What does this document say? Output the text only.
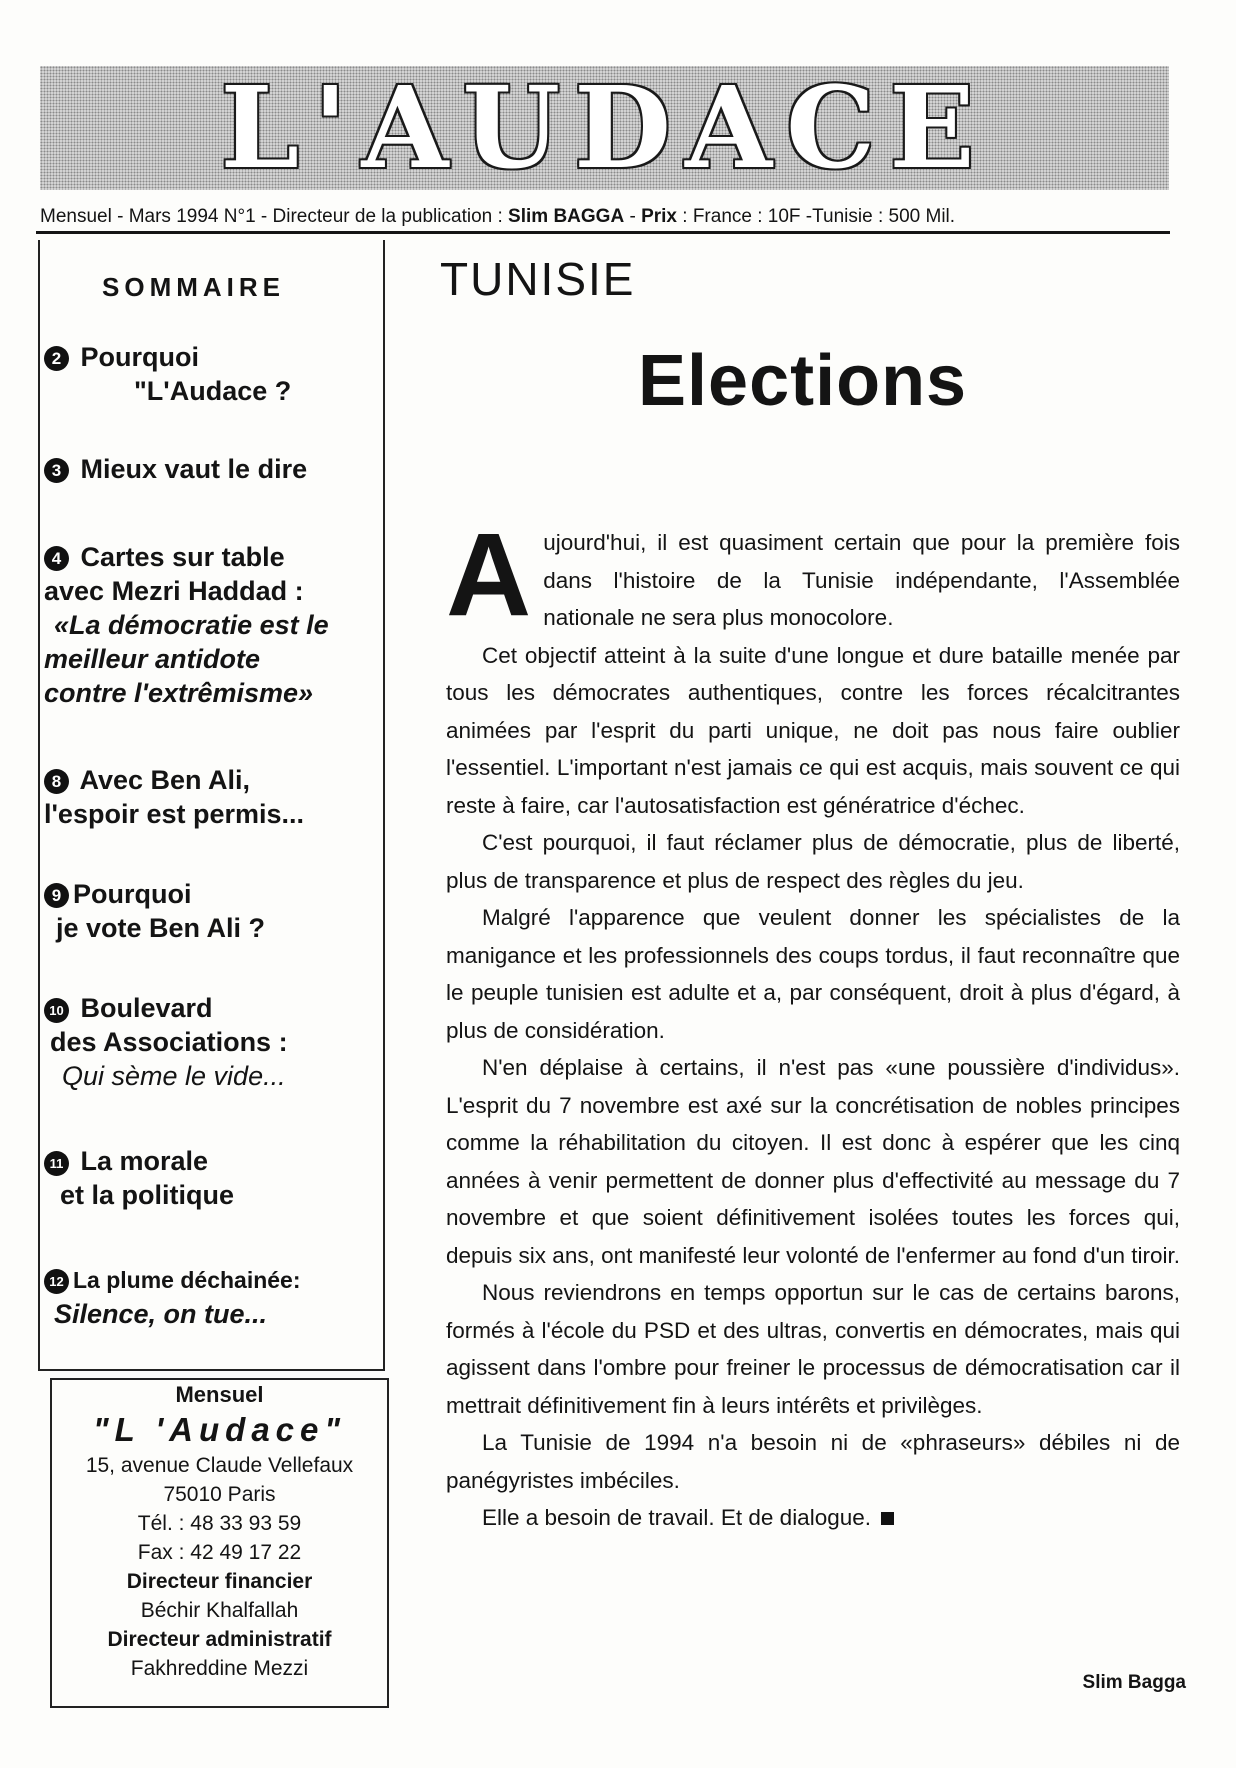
L'AUDACE
Mensuel - Mars 1994 N°1 - Directeur de la publication : Slim BAGGA - Prix : France : 10F -Tunisie : 500 Mil.
SOMMAIRE
2 Pourquoi
"L'Audace ?
3 Mieux vaut le dire
4 Cartes sur table
avec Mezri Haddad :
«La démocratie est le
meilleur antidote
contre l'extrêmisme»
8 Avec Ben Ali,
l'espoir est permis...
9 Pourquoi
je vote Ben Ali ?
10 Boulevard
des Associations :
Qui sème le vide...
11 La morale
et la politique
12 La plume déchainée:
Silence, on tue...
Mensuel
"L 'Audace"
15, avenue Claude Vellefaux
75010 Paris
Tél. : 48 33 93 59
Fax : 42 49 17 22
Directeur financier
Béchir Khalfallah
Directeur administratif
Fakhreddine Mezzi
TUNISIE
Elections

Aujourd'hui, il est quasiment certain que pour la première fois dans l'histoire de la Tunisie indépendante, l'Assemblée nationale ne sera plus monocolore.

Cet objectif atteint à la suite d'une longue et dure bataille menée par tous les démocrates authentiques, contre les forces récalcitrantes animées par l'esprit du parti unique, ne doit pas nous faire oublier l'essentiel. L'important n'est jamais ce qui est acquis, mais souvent ce qui reste à faire, car l'autosatisfaction est génératrice d'échec.

C'est pourquoi, il faut réclamer plus de démocratie, plus de liberté, plus de transparence et plus de respect des règles du jeu.

Malgré l'apparence que veulent donner les spécialistes de la manigance et les professionnels des coups tordus, il faut reconnaître que le peuple tunisien est adulte et a, par conséquent, droit à plus d'égard, à plus de considération.

N'en déplaise à certains, il n'est pas «une poussière d'individus». L'esprit du 7 novembre est axé sur la concrétisation de nobles principes comme la réhabilitation du citoyen. Il est donc à espérer que les cinq années à venir permettent de donner plus d'effectivité au message du 7 novembre et que soient définitivement isolées toutes les forces qui, depuis six ans, ont manifesté leur volonté de l'enfermer au fond d'un tiroir.

Nous reviendrons en temps opportun sur le cas de certains barons, formés à l'école du PSD et des ultras, convertis en démocrates, mais qui agissent dans l'ombre pour freiner le processus de démocratisation car il mettrait définitivement fin à leurs intérêts et privilèges.

La Tunisie de 1994 n'a besoin ni de «phraseurs» débiles ni de panégyristes imbéciles.

Elle a besoin de travail. Et de dialogue.

Slim Bagga
